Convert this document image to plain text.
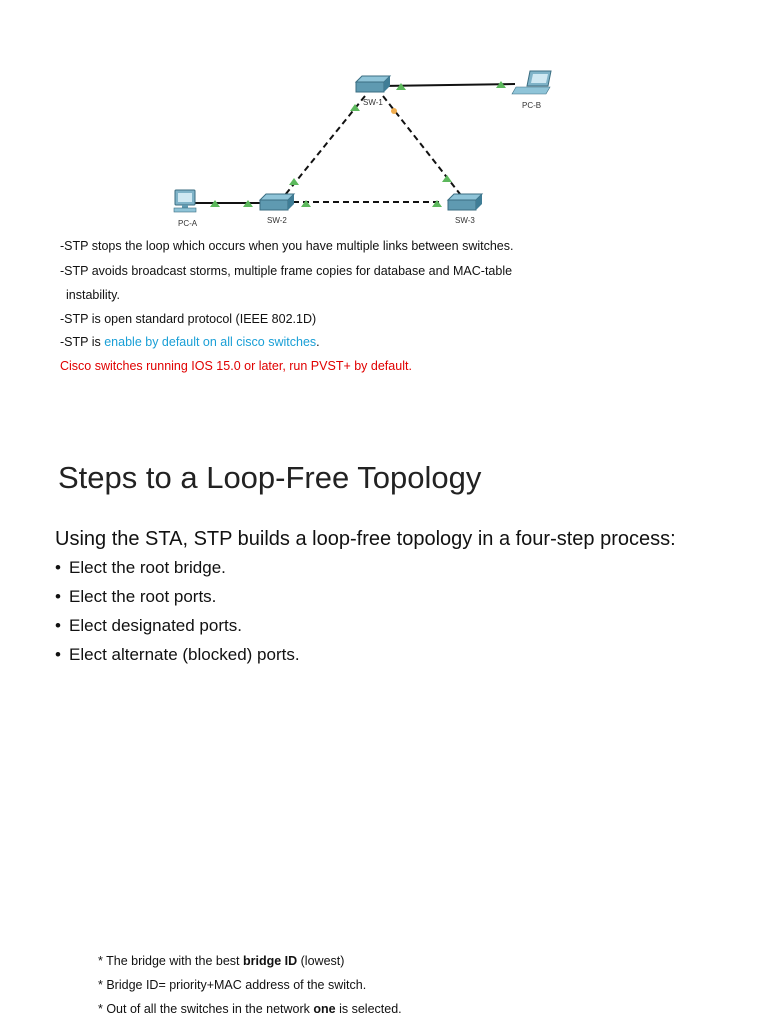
SW-1
SW-2	SW-3
PC-A
PC-B
-STP stops the loop which occurs when you have multiple links between switches.
-STP avoids broadcast storms, multiple frame copies for database and MAC-table
instability.
-STP is open standard protocol (IEEE 802.1D)
-STP is enable by default on all cisco switches.
Cisco switches running IOS 15.0 or later, run PVST+ by default.
Steps to a Loop-Free Topology
Using the STA, STP builds a loop-free topology in a four-step process:
• Elect the root bridge.
• Elect the root ports.
• Elect designated ports.
• Elect alternate (blocked) ports.
* The bridge with the best bridge ID (lowest)
* Bridge ID= priority+MAC address of the switch.
* Out of all the switches in the network one is selected.
